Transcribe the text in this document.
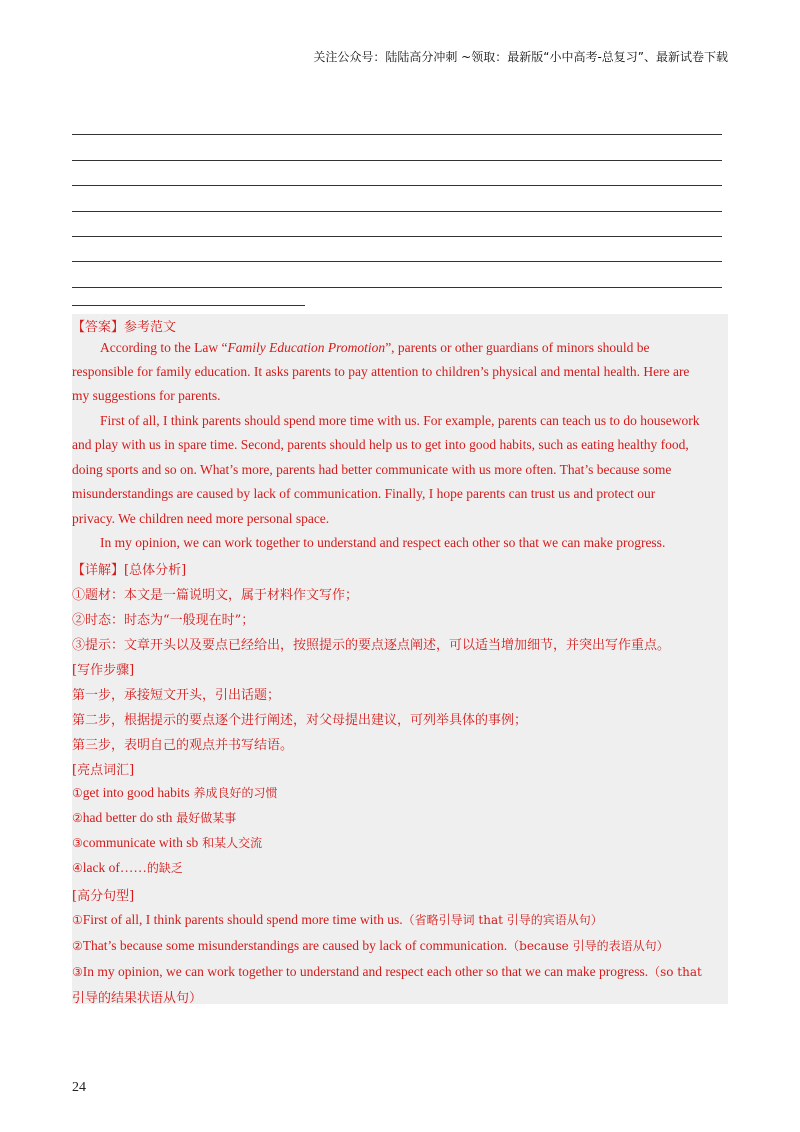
关注公众号：陆陆高分冲刺 ~领取：最新版“小中高考-总复习”、最新试卷下载
【答案】参考范文
According to the Law “Family Education Promotion”, parents or other guardians of minors should be
responsible for family education. It asks parents to pay attention to children’s physical and mental health. Here are
my suggestions for parents.
First of all, I think parents should spend more time with us. For example, parents can teach us to do housework
and play with us in spare time. Second, parents should help us to get into good habits, such as eating healthy food,
doing sports and so on. What’s more, parents had better communicate with us more often. That’s because some
misunderstandings are caused by lack of communication. Finally, I hope parents can trust us and protect our
privacy. We children need more personal space.
In my opinion, we can work together to understand and respect each other so that we can make progress.
【详解】[总体分析]
①题材：本文是一篇说明文，属于材料作文写作；
②时态：时态为“一般现在时”；
③提示：文章开头以及要点已经给出，按照提示的要点逐点阐述，可以适当增加细节，并突出写作重点。
[写作步骤]
第一步，承接短文开头，引出话题；
第二步，根据提示的要点逐个进行阐述，对父母提出建议，可列举具体的事例；
第三步，表明自己的观点并书写结语。
[亮点词汇]
①get into good habits 养成良好的习惯
②had better do sth 最好做某事
③communicate with sb 和某人交流
④lack of……的缺乏
[高分句型]
①First of all, I think parents should spend more time with us.（省略引导词 that 引导的宾语从句）
②That’s because some misunderstandings are caused by lack of communication.（because 引导的表语从句）
③In my opinion, we can work together to understand and respect each other so that we can make progress.（so that
引导的结果状语从句）
24
